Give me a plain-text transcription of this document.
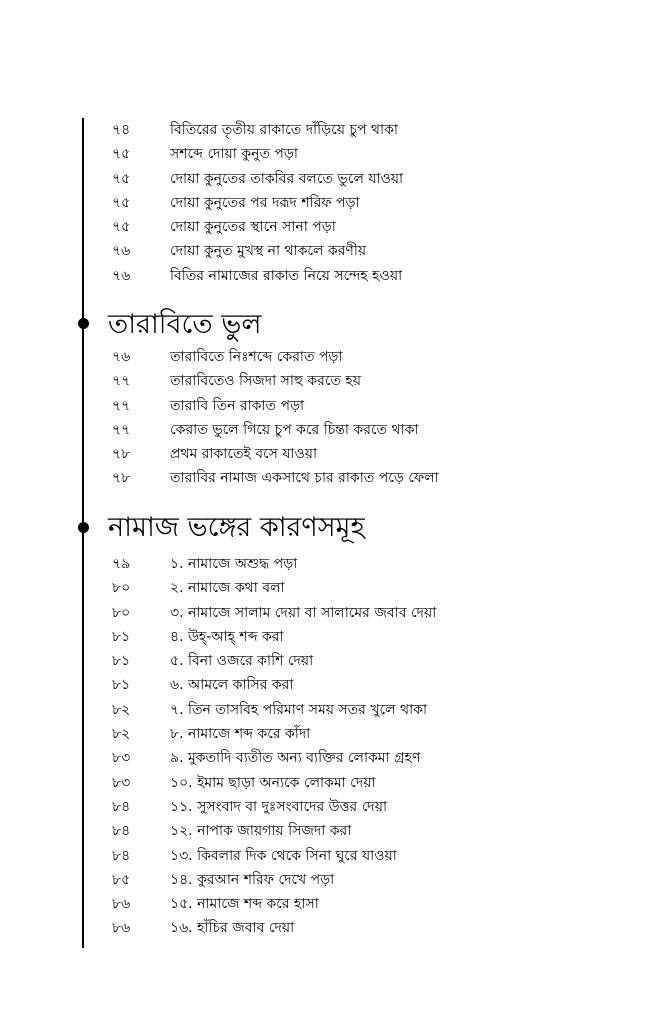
৭৪	বিতিরের তৃতীয় রাকাতে দাঁড়িয়ে চুপ থাকা
৭৫	সশব্দে দোয়া কুনুত পড়া
৭৫	দোয়া কুনুতের তাকবির বলতে ভুলে যাওয়া
৭৫	দোয়া কুনুতের পর দরূদ শরিফ পড়া
৭৫	দোয়া কুনুতের স্থানে সানা পড়া
৭৬	দোয়া কুনুত মুখস্থ না থাকলে করণীয়
৭৬	বিতির নামাজের রাকাত নিয়ে সন্দেহ হওয়া
তারাবিতে ভুল
৭৬	তারাবিতে নিঃশব্দে কেরাত পড়া
৭৭	তারাবিতেও সিজদা সাহু করতে হয়
৭৭	তারাবি তিন রাকাত পড়া
৭৭	কেরাত ভুলে গিয়ে চুপ করে চিন্তা করতে থাকা
৭৮	প্রথম রাকাতেই বসে যাওয়া
৭৮	তারাবির নামাজ একসাথে চার রাকাত পড়ে ফেলা
নামাজ ভঙ্গের কারণসমূহ
৭৯	১. নামাজে অশুদ্ধ পড়া
৮০	২. নামাজে কথা বলা
৮০	৩. নামাজে সালাম দেয়া বা সালামের জবাব দেয়া
৮১	৪. উহ্-আহ্ শব্দ করা
৮১	৫. বিনা ওজরে কাশি দেয়া
৮১	৬. আমলে কাসির করা
৮২	৭. তিন তাসবিহ পরিমাণ সময় সতর খুলে থাকা
৮২	৮. নামাজে শব্দ করে কাঁদা
৮৩	৯. মুকতাদি ব্যতীত অন্য ব্যক্তির লোকমা গ্রহণ
৮৩	১০. ইমাম ছাড়া অন্যকে লোকমা দেয়া
৮৪	১১. সুসংবাদ বা দুঃসংবাদের উত্তর দেয়া
৮৪	১২. নাপাক জায়গায় সিজদা করা
৮৪	১৩. কিবলার দিক থেকে সিনা ঘুরে যাওয়া
৮৫	১৪. কুরআন শরিফ দেখে পড়া
৮৬	১৫. নামাজে শব্দ করে হাসা
৮৬	১৬. হাঁচির জবাব দেয়া
